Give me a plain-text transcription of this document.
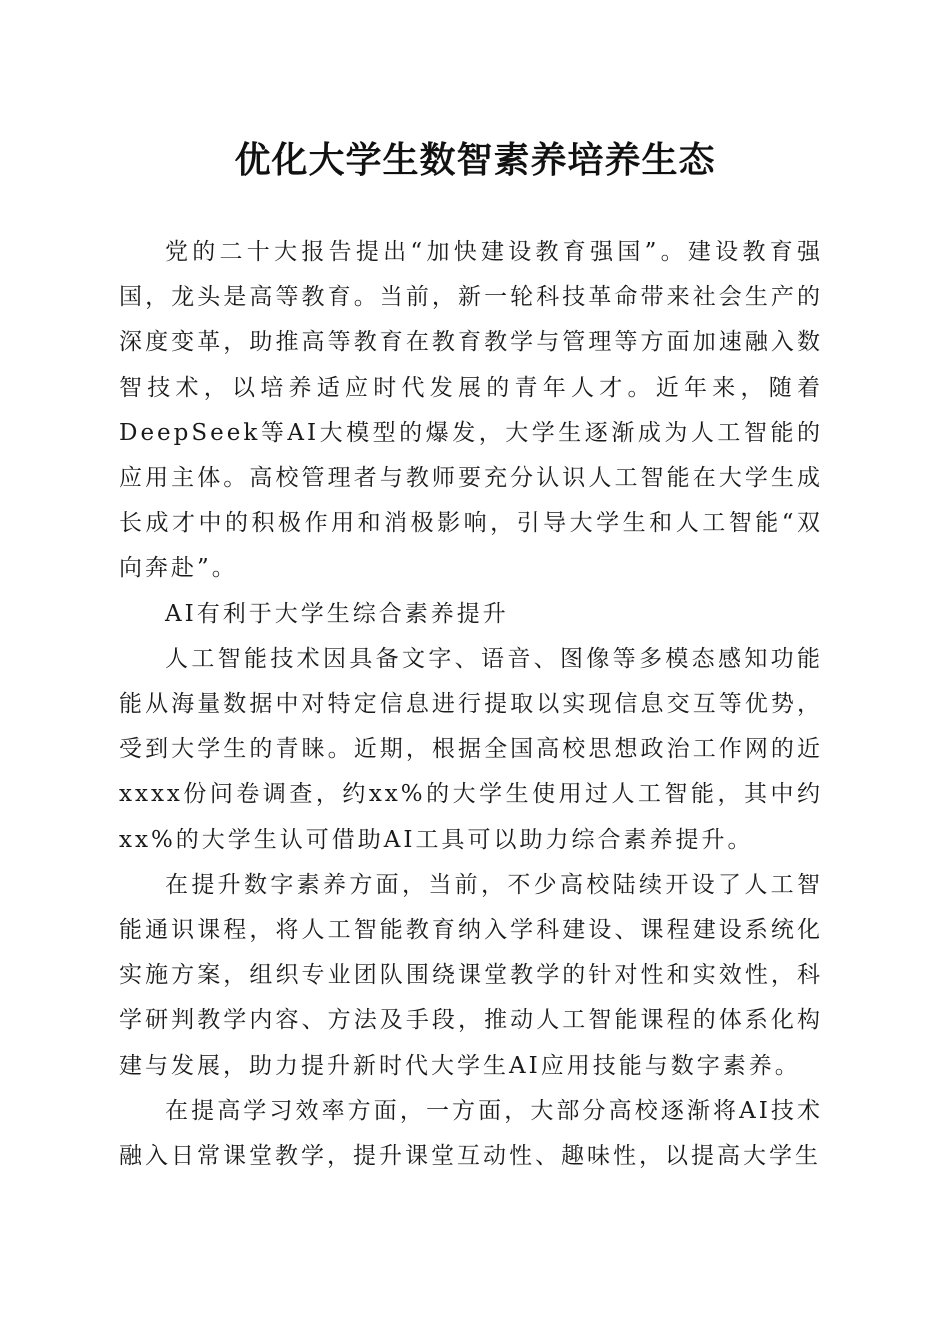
优化大学生数智素养培养生态

党的二十大报告提出“加快建设教育强国”。建设教育强国，龙头是高等教育。当前，新一轮科技革命带来社会生产的深度变革，助推高等教育在教育教学与管理等方面加速融入数智技术，以培养适应时代发展的青年人才。近年来，随着DeepSeek等AI大模型的爆发，大学生逐渐成为人工智能的应用主体。高校管理者与教师要充分认识人工智能在大学生成长成才中的积极作用和消极影响，引导大学生和人工智能“双向奔赴”。

AI有利于大学生综合素养提升

人工智能技术因具备文字、语音、图像等多模态感知功能能从海量数据中对特定信息进行提取以实现信息交互等优势，受到大学生的青睐。近期，根据全国高校思想政治工作网的近xxxx份问卷调查，约xx%的大学生使用过人工智能，其中约xx%的大学生认可借助AI工具可以助力综合素养提升。

在提升数字素养方面，当前，不少高校陆续开设了人工智能通识课程，将人工智能教育纳入学科建设、课程建设系统化实施方案，组织专业团队围绕课堂教学的针对性和实效性，科学研判教学内容、方法及手段，推动人工智能课程的体系化构建与发展，助力提升新时代大学生AI应用技能与数字素养。

在提高学习效率方面，一方面，大部分高校逐渐将AI技术融入日常课堂教学，提升课堂互动性、趣味性，以提高大学生
